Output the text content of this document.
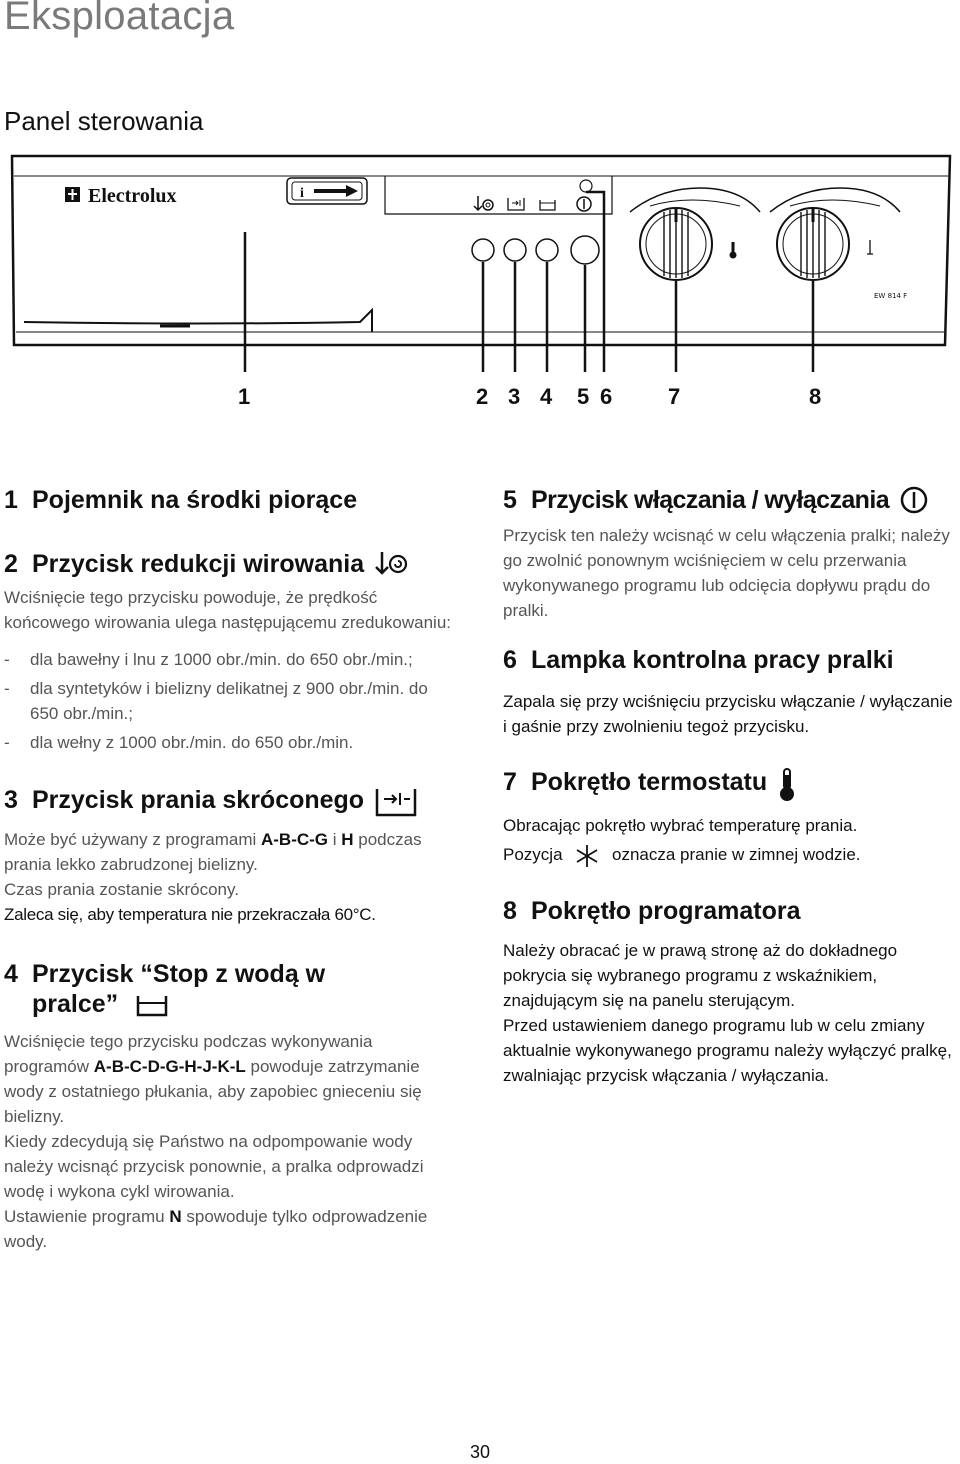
Eksploatacja
Panel sterowania
Electrolux	i
EW 814 F
1	2 3 4 5 6	7	8
1 Pojemnik na środki piorące
2 Przycisk redukcji wirowania

Wciśnięcie tego przycisku powoduje, że prędkość końcowego wirowania ulega następującemu zredukowaniu:

-	dla bawełny i lnu z 1000 obr./min. do 650 obr./min.;
-	dla syntetyków i bielizny delikatnej z 900 obr./min. do 650 obr./min.;
-	dla wełny z 1000 obr./min. do 650 obr./min.
3 Przycisk prania skróconego

Może być używany z programami A-B-C-G i H podczas prania lekko zabrudzonej bielizny.

Czas prania zostanie skrócony.

Zaleca się, aby temperatura nie przekraczała 60°C.

4 Przycisk “Stop z wodą w
pralce”

Wciśnięcie tego przycisku podczas wykonywania programów A-B-C-D-G-H-J-K-L powoduje zatrzymanie wody z ostatniego płukania, aby zapobiec gnieceniu się bielizny.

Kiedy zdecydują się Państwo na odpompowanie wody należy wcisnąć przycisk ponownie, a pralka odprowadzi wodę i wykona cykl wirowania.

Ustawienie programu N spowoduje tylko odprowadzenie wody.

5 Przycisk włączania / wyłączania

Przycisk ten należy wcisnąć w celu włączenia pralki; należy go zwolnić ponownym wciśnięciem w celu przerwania wykonywanego programu lub odcięcia dopływu prądu do pralki.

6 Lampka kontrolna pracy pralki

Zapala się przy wciśnięciu przycisku włączanie / wyłączanie i gaśnie przy zwolnieniu tegoż przycisku.

7 Pokrętło termostatu

Obracając pokrętło wybrać temperaturę prania.

Pozycja	oznacza pranie w zimnej wodzie.

8 Pokrętło programatora

Należy obracać je w prawą stronę aż do dokładnego pokrycia się wybranego programu z wskaźnikiem, znajdującym się na panelu sterującym.

Przed ustawieniem danego programu lub w celu zmiany aktualnie wykonywanego programu należy wyłączyć pralkę, zwalniając przycisk włączania / wyłączania.

30
